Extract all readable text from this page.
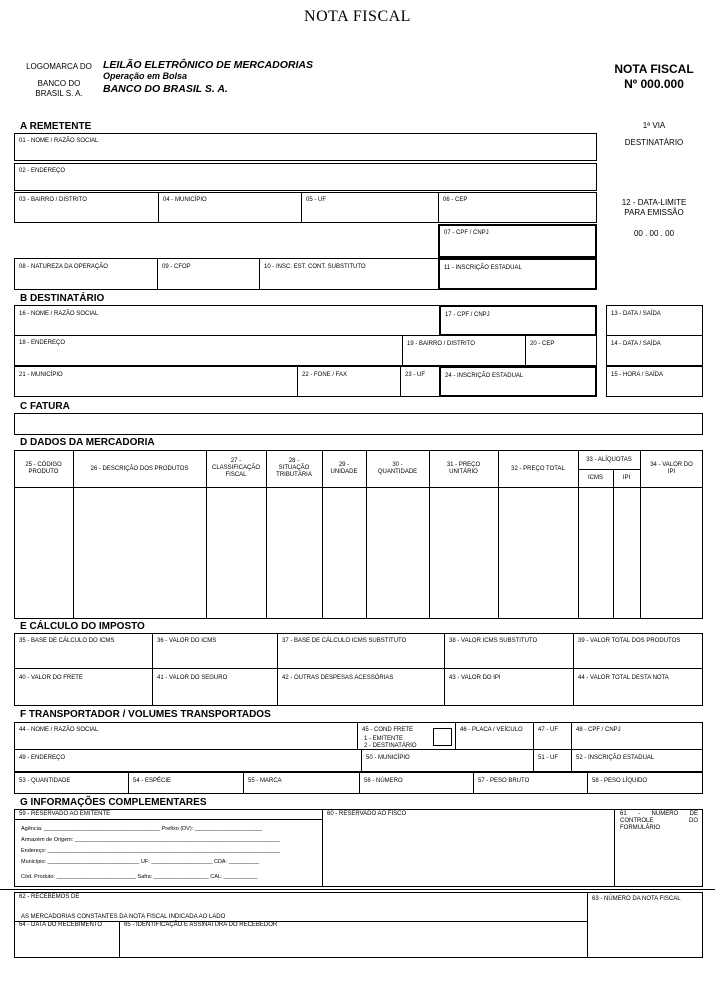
NOTA FISCAL
LOGOMARCA DO
BANCO DO
BRASIL S. A.
LEILÃO ELETRÔNICO DE MERCADORIAS
Operação em Bolsa
BANCO DO BRASIL S. A.
NOTA FISCAL
Nº 000.000
1ª VIA
DESTINATÁRIO
12 - DATA-LIMITE
PARA EMISSÃO
00 . 00 . 00
A REMETENTE
01 - NOME / RAZÃO SOCIAL
02 - ENDEREÇO
03 - BAIRRO / DISTRITO	04 - MUNICÍPIO	05 - UF	06 - CEP
07 - CPF / CNPJ
08 - NATUREZA DA OPERAÇÃO	09 - CFOP	10 - INSC. EST. CONT. SUBSTITUTO	11 - INSCRIÇÃO ESTADUAL
B DESTINATÁRIO
16 - NOME / RAZÃO SOCIAL	17 - CPF / CNPJ	13 - DATA / SAÍDA
18 - ENDEREÇO	19 - BAIRRO / DISTRITO	20 - CEP	14 - DATA / SAÍDA
21 - MUNICÍPIO	22 - FONE / FAX	23 - UF	24 - INSCRIÇÃO ESTADUAL	15 - HORA / SAÍDA
C FATURA
D DADOS DA MERCADORIA
25 - CÓDIGO
PRODUTO	26 - DESCRIÇÃO DOS PRODUTOS
27 -
CLASSIFICAÇÃO
FISCAL
28 -
SITUAÇÃO
TRIBUTÁRIA
29 -
UNIDADE
30 -
QUANTIDADE
31 - PREÇO
UNITÁRIO	32 - PREÇO TOTAL
33 - ALÍQUOTAS
ICMS	IPI
34 - VALOR DO
IPI
E CÁLCULO DO IMPOSTO
35 - BASE DE CÁLCULO DO ICMS	36 - VALOR DO ICMS	37 - BASE DE CÁLCULO ICMS SUBSTITUTO	38 - VALOR ICMS SUBSTITUTO	39 - VALOR TOTAL DOS PRODUTOS
40 - VALOR DO FRETE	41 - VALOR DO SEGURO	42 - OUTRAS DESPESAS ACESSÓRIAS	43 - VALOR DO IPI	44 - VALOR TOTAL DESTA NOTA
F TRANSPORTADOR / VOLUMES TRANSPORTADOS
44 - NOME / RAZÃO SOCIAL	45 - COND FRETE
1 - EMITENTE
2 - DESTINATÁRIO
46 - PLACA / VEÍCULO	47 - UF	48 - CPF / CNPJ
49 - ENDEREÇO	50 - MUNICÍPIO	51 - UF	52 - INSCRIÇÃO ESTADUAL
53 - QUANTIDADE	54 - ESPÉCIE	55 - MARCA	56 - NÚMERO	57 - PESO BRUTO	58 - PESO LÍQUIDO
G INFORMAÇÕES COMPLEMENTARES
59 - RESERVADO AO EMITENTE
Agência: ______________________________________ Prefixo (DV): ______________________
Armazém de Origem: ___________________________________________________________________
Endereço: ____________________________________________________________________________
Município: ______________________________ UF: ____________________ CDA: __________
Cód. Produto: __________________________ Safra: __________________ CAL: ___________
60 - RESERVADO AO FISCO	61 - NÚMERO DE CONTROLE DO FORMULÁRIO
62 - RECEBEMOS DE
AS MERCADORIAS CONSTANTES DA NOTA FISCAL INDICADA AO LADO
63 - NÚMERO DA NOTA FISCAL
64 - DATA DO RECEBIMENTO	65 - IDENTIFICAÇÃO E ASSINATURA DO RECEBEDOR
